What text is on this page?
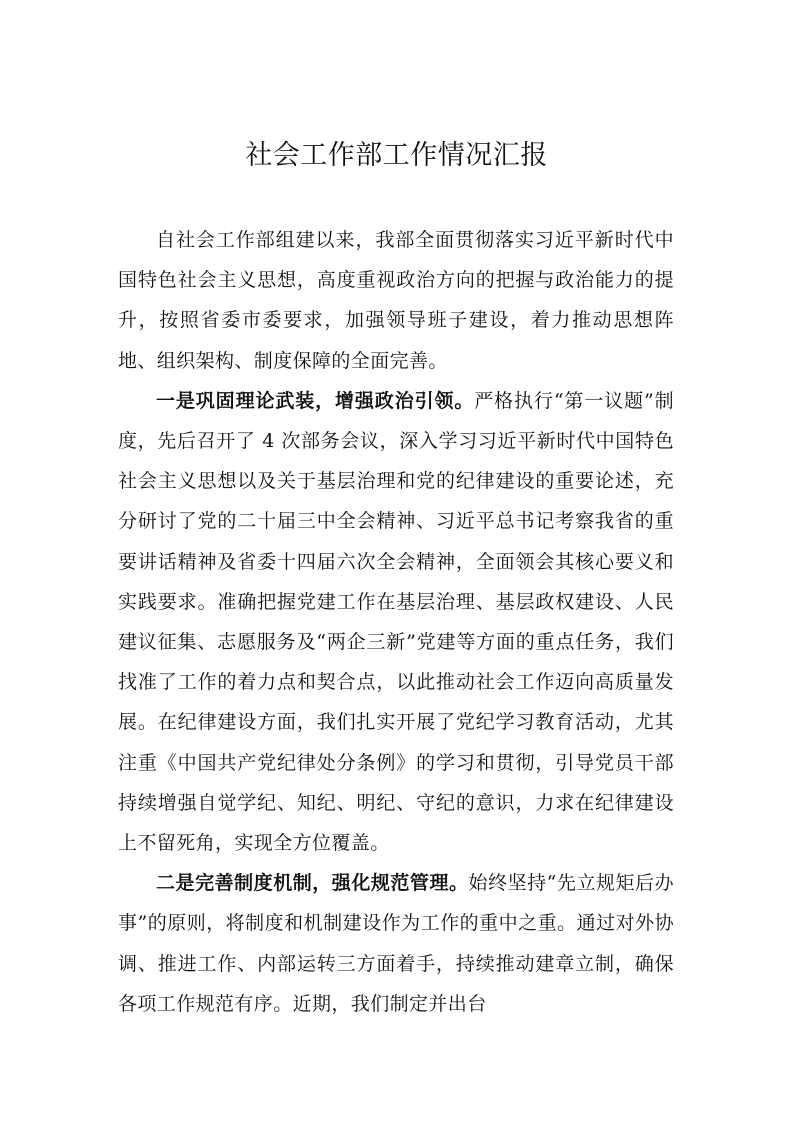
社会工作部工作情况汇报

自社会工作部组建以来，我部全面贯彻落实习近平新时代中国特色社会主义思想，高度重视政治方向的把握与政治能力的提升，按照省委市委要求，加强领导班子建设，着力推动思想阵地、组织架构、制度保障的全面完善。

一是巩固理论武装，增强政治引领。严格执行“第一议题”制度，先后召开了 4 次部务会议，深入学习习近平新时代中国特色社会主义思想以及关于基层治理和党的纪律建设的重要论述，充分研讨了党的二十届三中全会精神、习近平总书记考察我省的重要讲话精神及省委十四届六次全会精神，全面领会其核心要义和实践要求。准确把握党建工作在基层治理、基层政权建设、人民建议征集、志愿服务及“两企三新”党建等方面的重点任务，我们找准了工作的着力点和契合点，以此推动社会工作迈向高质量发展。在纪律建设方面，我们扎实开展了党纪学习教育活动，尤其注重《中国共产党纪律处分条例》的学习和贯彻，引导党员干部持续增强自觉学纪、知纪、明纪、守纪的意识，力求在纪律建设上不留死角，实现全方位覆盖。

二是完善制度机制，强化规范管理。始终坚持“先立规矩后办事”的原则，将制度和机制建设作为工作的重中之重。通过对外协调、推进工作、内部运转三方面着手，持续推动建章立制，确保各项工作规范有序。近期，我们制定并出台
